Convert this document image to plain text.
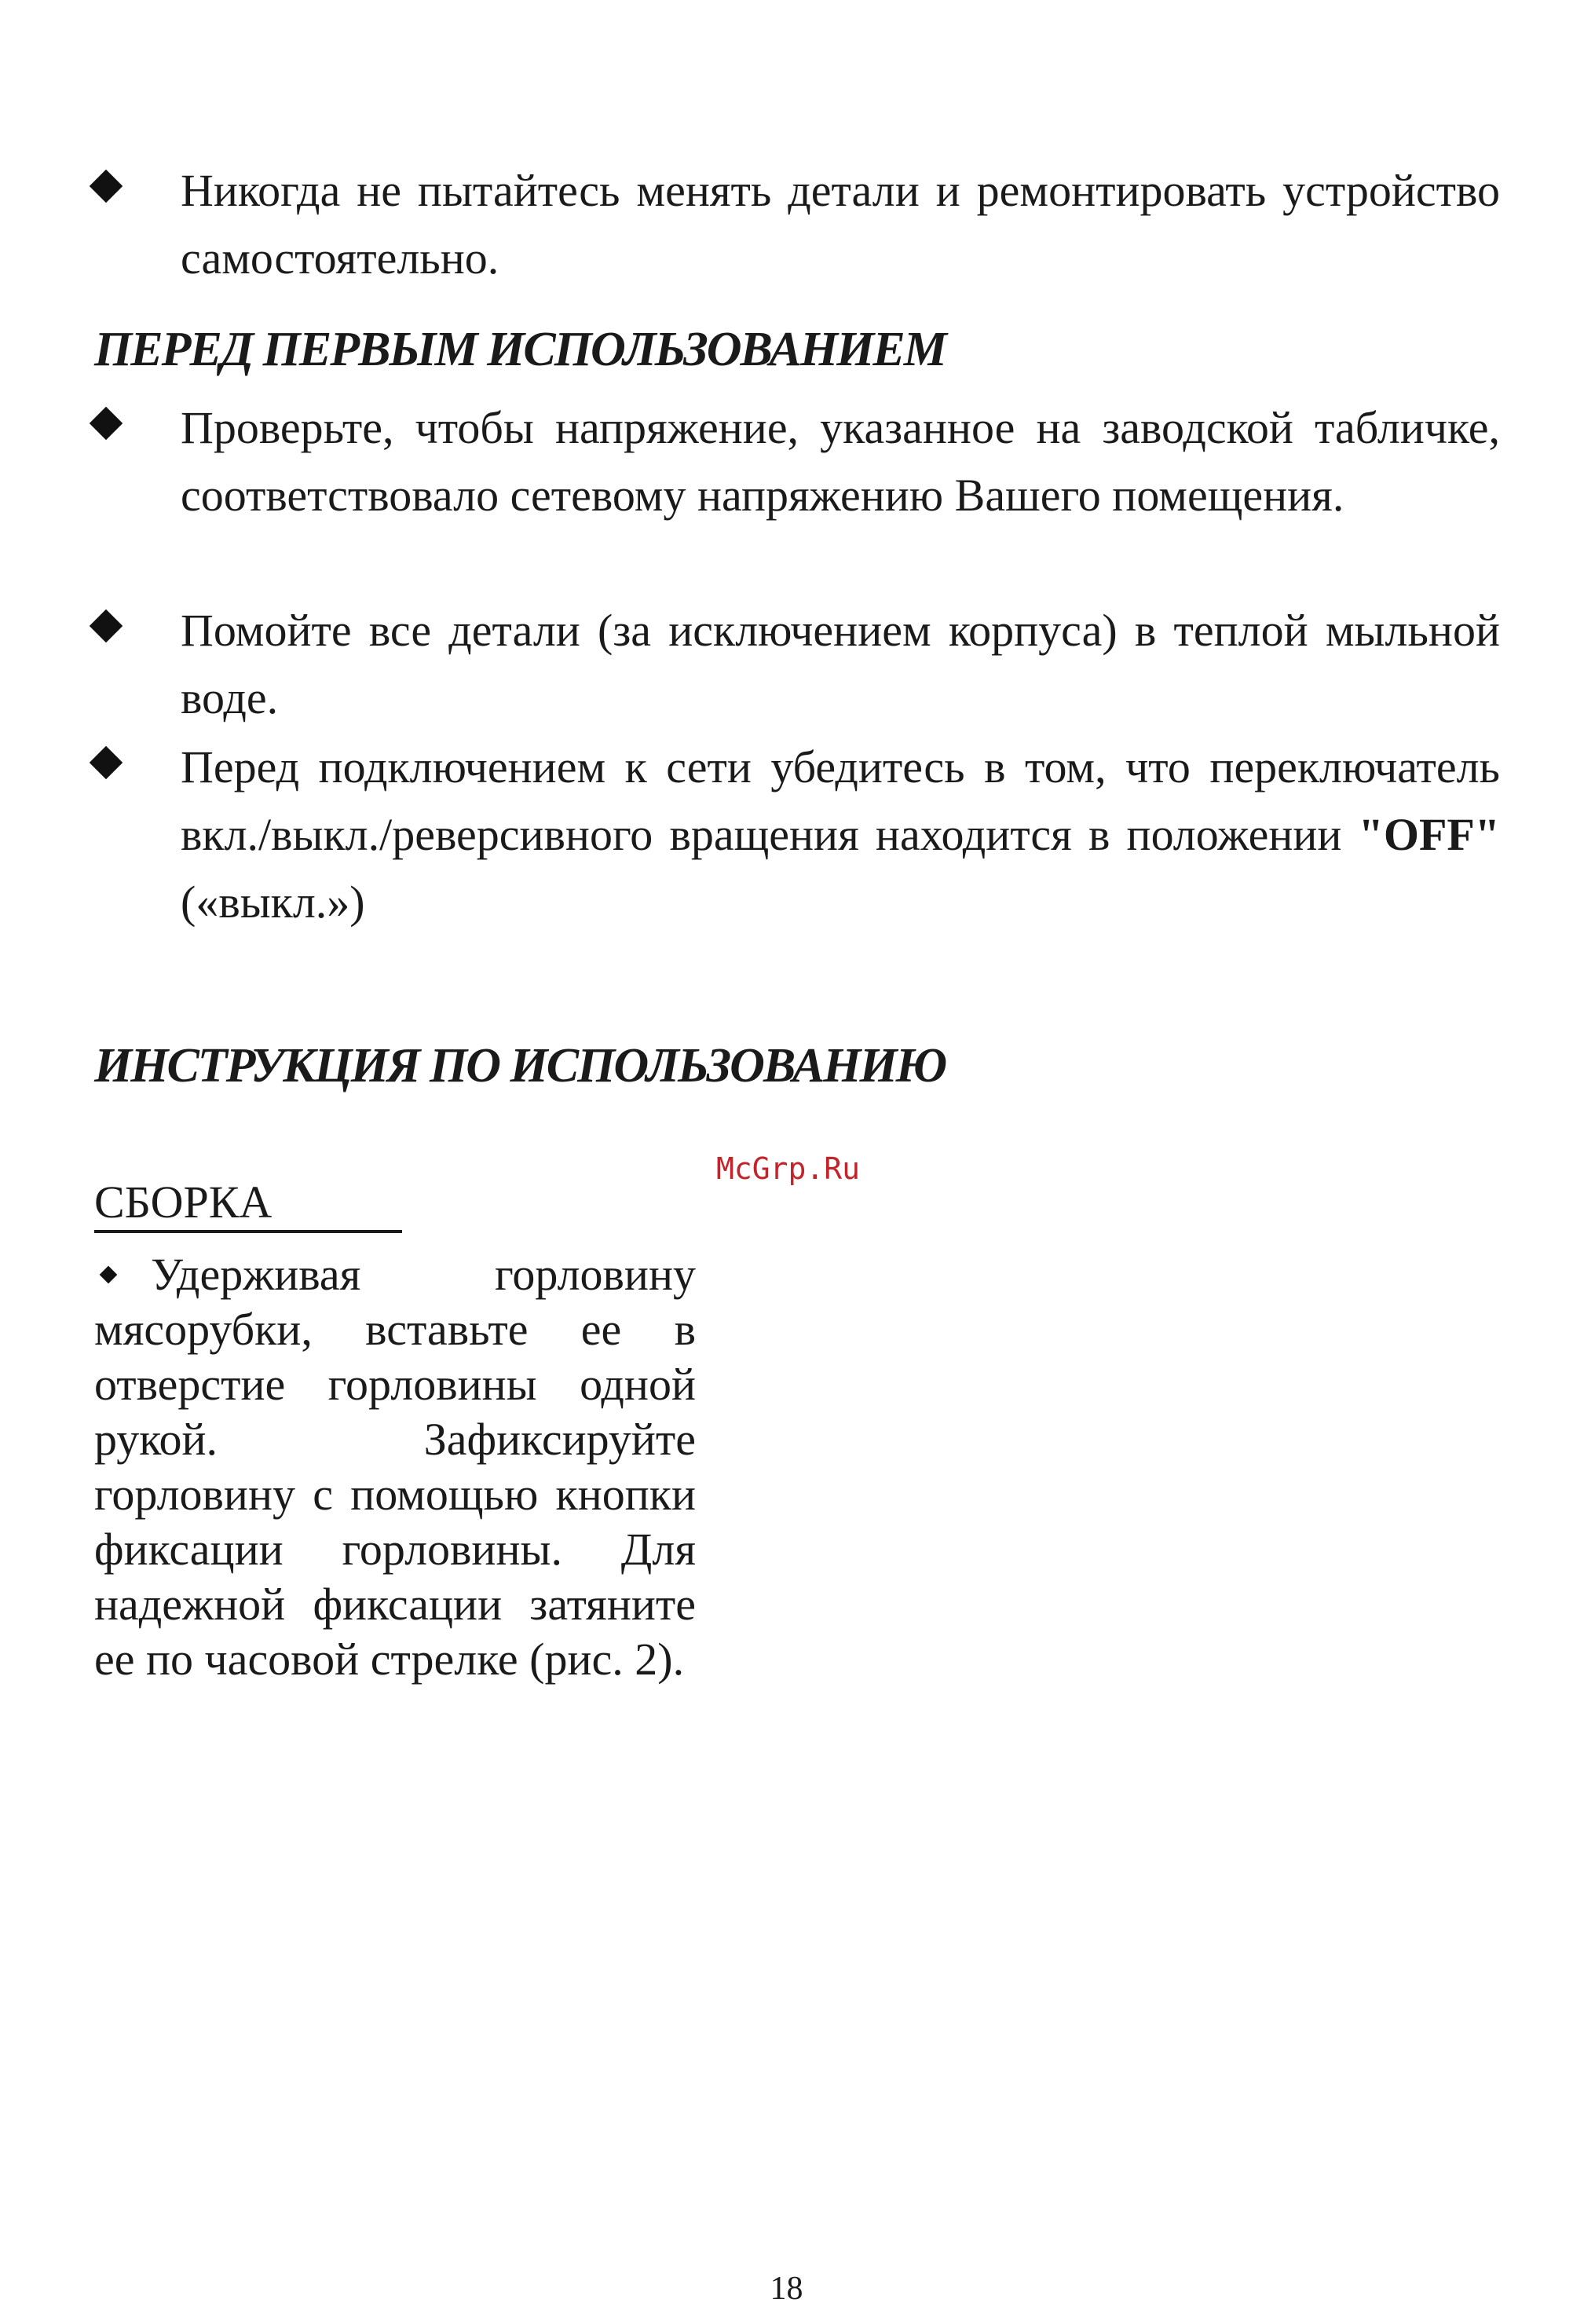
Никогда не пытайтесь менять детали и ремонтировать устройство самостоятельно.
ПЕРЕД ПЕРВЫМ ИСПОЛЬЗОВАНИЕМ
Проверьте, чтобы напряжение, указанное на заводской табличке, соответствовало сетевому напряжению Вашего помещения.
Помойте все детали (за исключением корпуса) в теплой мыльной воде.
Перед подключением к сети убедитесь в том, что переключатель вкл./выкл./реверсивного вращения находится в положении "OFF" («выкл.»)
ИНСТРУКЦИЯ ПО ИСПОЛЬЗОВАНИЮ
McGrp.Ru
СБОРКА
Удерживая горловину мясорубки, вставьте ее в отверстие горловины одной рукой. Зафиксируйте горловину с помощью кнопки фиксации горловины. Для надежной фиксации затяните ее по часовой стрелке (рис. 2).
18
